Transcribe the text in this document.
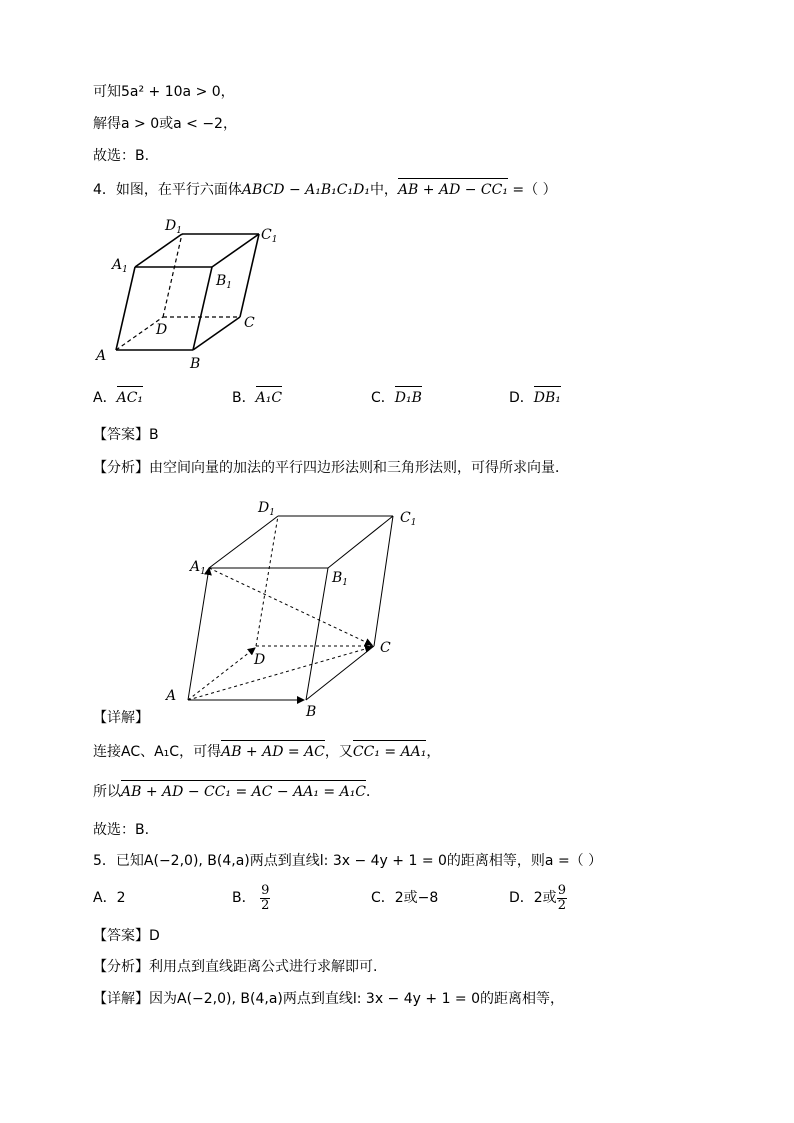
可知5a² + 10a > 0，
解得a > 0或a < −2，
故选：B.
4．如图，在平行六面体ABCD − A₁B₁C₁D₁中，AB + AD − CC₁ =（ ）
A	B
C
D
$A_1$
$B_1$
$C_1$
$D_1$
A．AC₁	B．A₁C	C．D₁B	D．DB₁
【答案】B
【分析】由空间向量的加法的平行四边形法则和三角形法则，可得所求向量．
A
B
C
D
$A_1$	$B_1$
$C_1$
$D_1$
【详解】
连接AC、A₁C，可得AB + AD = AC，又CC₁ = AA₁，
所以AB + AD − CC₁ = AC − AA₁ = A₁C．
故选：B.
5．已知A(−2,0), B(4,a)两点到直线l: 3x − 4y + 1 = 0的距离相等，则a =（ ）
A．2	B． $\frac{9}{2}$	C．2或−8	D．2或 $\frac{9}{2}$
【答案】D
【分析】利用点到直线距离公式进行求解即可.
【详解】因为A(−2,0), B(4,a)两点到直线l: 3x − 4y + 1 = 0的距离相等，
